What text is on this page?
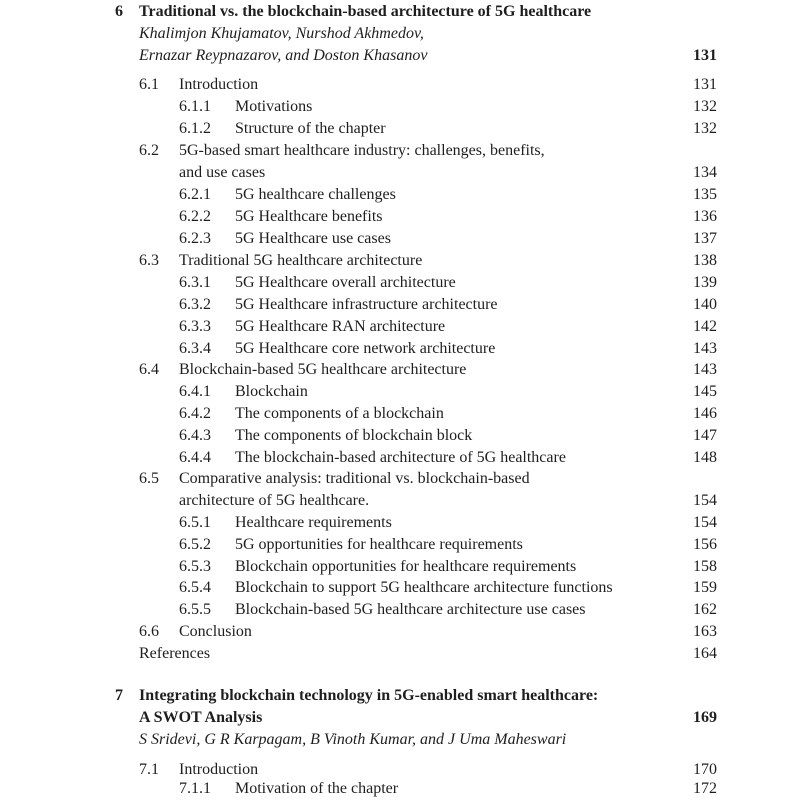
6 Traditional vs. the blockchain-based architecture of 5G healthcare
Khalimjon Khujamatov, Nurshod Akhmedov,
Ernazar Reypnazarov, and Doston Khasanov	131
6.1 Introduction	131
6.1.1 Motivations	132
6.1.2 Structure of the chapter	132
6.2 5G-based smart healthcare industry: challenges, benefits,
and use cases	134
6.2.1 5G healthcare challenges	135
6.2.2 5G Healthcare benefits	136
6.2.3 5G Healthcare use cases	137
6.3 Traditional 5G healthcare architecture	138
6.3.1 5G Healthcare overall architecture	139
6.3.2 5G Healthcare infrastructure architecture	140
6.3.3 5G Healthcare RAN architecture	142
6.3.4 5G Healthcare core network architecture	143
6.4 Blockchain-based 5G healthcare architecture	143
6.4.1 Blockchain	145
6.4.2 The components of a blockchain	146
6.4.3 The components of blockchain block	147
6.4.4 The blockchain-based architecture of 5G healthcare	148
6.5 Comparative analysis: traditional vs. blockchain-based
architecture of 5G healthcare.	154
6.5.1 Healthcare requirements	154
6.5.2 5G opportunities for healthcare requirements	156
6.5.3 Blockchain opportunities for healthcare requirements	158
6.5.4 Blockchain to support 5G healthcare architecture functions	159
6.5.5 Blockchain-based 5G healthcare architecture use cases	162
6.6 Conclusion	163
References	164
7 Integrating blockchain technology in 5G-enabled smart healthcare:
A SWOT Analysis	169
S Sridevi, G R Karpagam, B Vinoth Kumar, and J Uma Maheswari
7.1 Introduction	170
7.1.1 Motivation of the chapter	172
